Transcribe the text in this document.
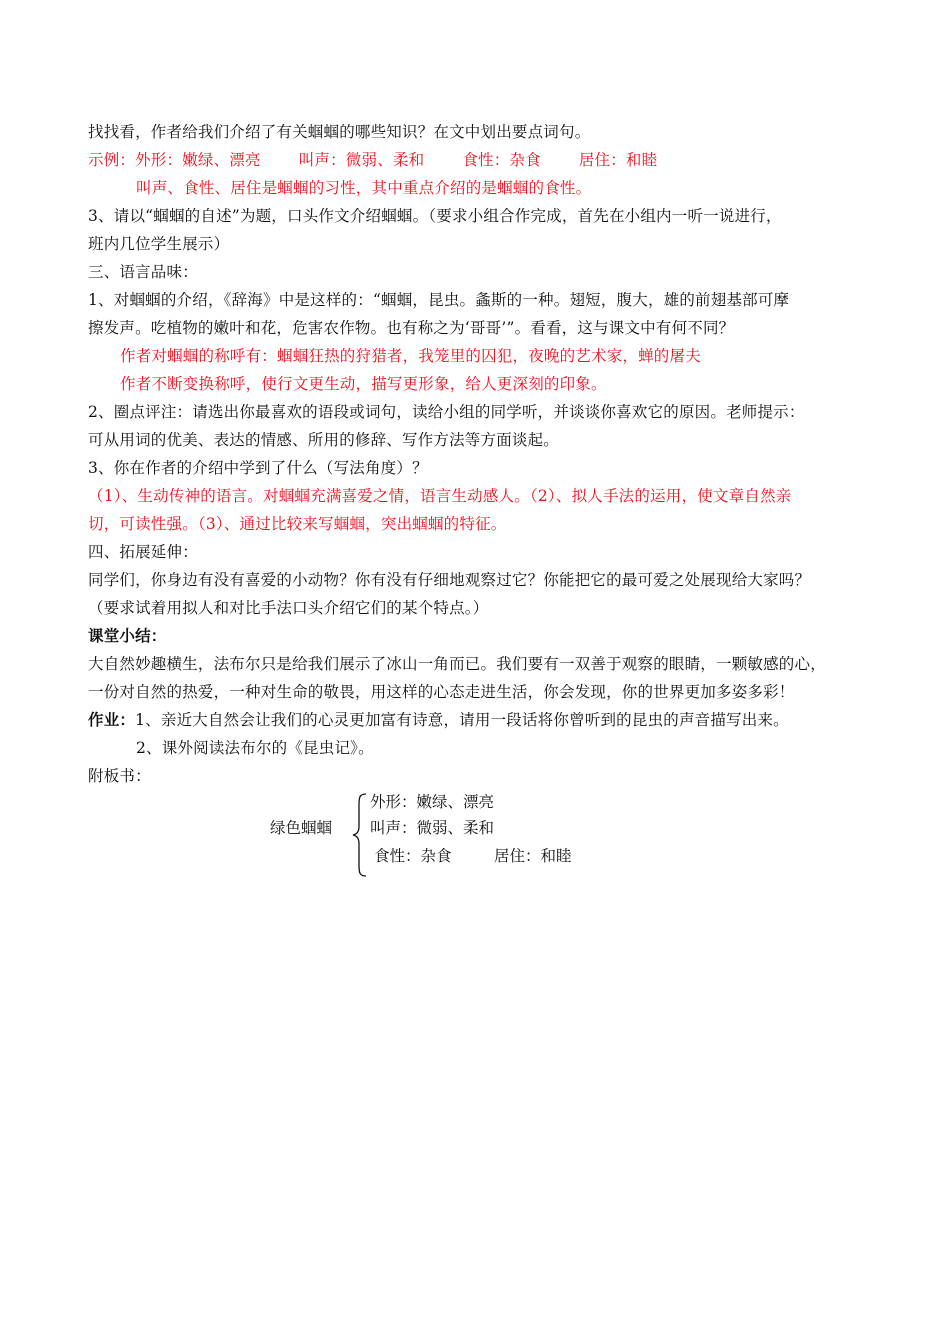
找找看，作者给我们介绍了有关蝈蝈的哪些知识？在文中划出要点词句。
示例：外形：嫩绿、漂亮 叫声：微弱、柔和 食性：杂食 居住：和睦
叫声、食性、居住是蝈蝈的习性，其中重点介绍的是蝈蝈的食性。
3、请以“蝈蝈的自述”为题，口头作文介绍蝈蝈。（要求小组合作完成，首先在小组内一听一说进行，
班内几位学生展示）
三、语言品味：
1、对蝈蝈的介绍，《辞海》中是这样的：“蝈蝈，昆虫。螽斯的一种。翅短，腹大，雄的前翅基部可摩
擦发声。吃植物的嫩叶和花，危害农作物。也有称之为‘哥哥’”。看看，这与课文中有何不同？
作者对蝈蝈的称呼有：蝈蝈狂热的狩猎者，我笼里的囚犯，夜晚的艺术家，蝉的屠夫
作者不断变换称呼，使行文更生动，描写更形象，给人更深刻的印象。
2、圈点评注：请选出你最喜欢的语段或词句，读给小组的同学听，并谈谈你喜欢它的原因。老师提示：
可从用词的优美、表达的情感、所用的修辞、写作方法等方面谈起。
3、你在作者的介绍中学到了什么（写法角度）？
（1）、生动传神的语言。对蝈蝈充满喜爱之情，语言生动感人。（2）、拟人手法的运用，使文章自然亲
切，可读性强。（3）、通过比较来写蝈蝈，突出蝈蝈的特征。
四、拓展延伸：
同学们，你身边有没有喜爱的小动物？你有没有仔细地观察过它？你能把它的最可爱之处展现给大家吗？
（要求试着用拟人和对比手法口头介绍它们的某个特点。）
课堂小结：
大自然妙趣横生，法布尔只是给我们展示了冰山一角而已。我们要有一双善于观察的眼睛，一颗敏感的心，
一份对自然的热爱，一种对生命的敬畏，用这样的心态走进生活，你会发现，你的世界更加多姿多彩！
作业：1、亲近大自然会让我们的心灵更加富有诗意，请用一段话将你曾听到的昆虫的声音描写出来。
2、课外阅读法布尔的《昆虫记》。
附板书：
绿色蝈蝈
外形：嫩绿、漂亮
叫声：微弱、柔和
食性：杂食	居住：和睦
